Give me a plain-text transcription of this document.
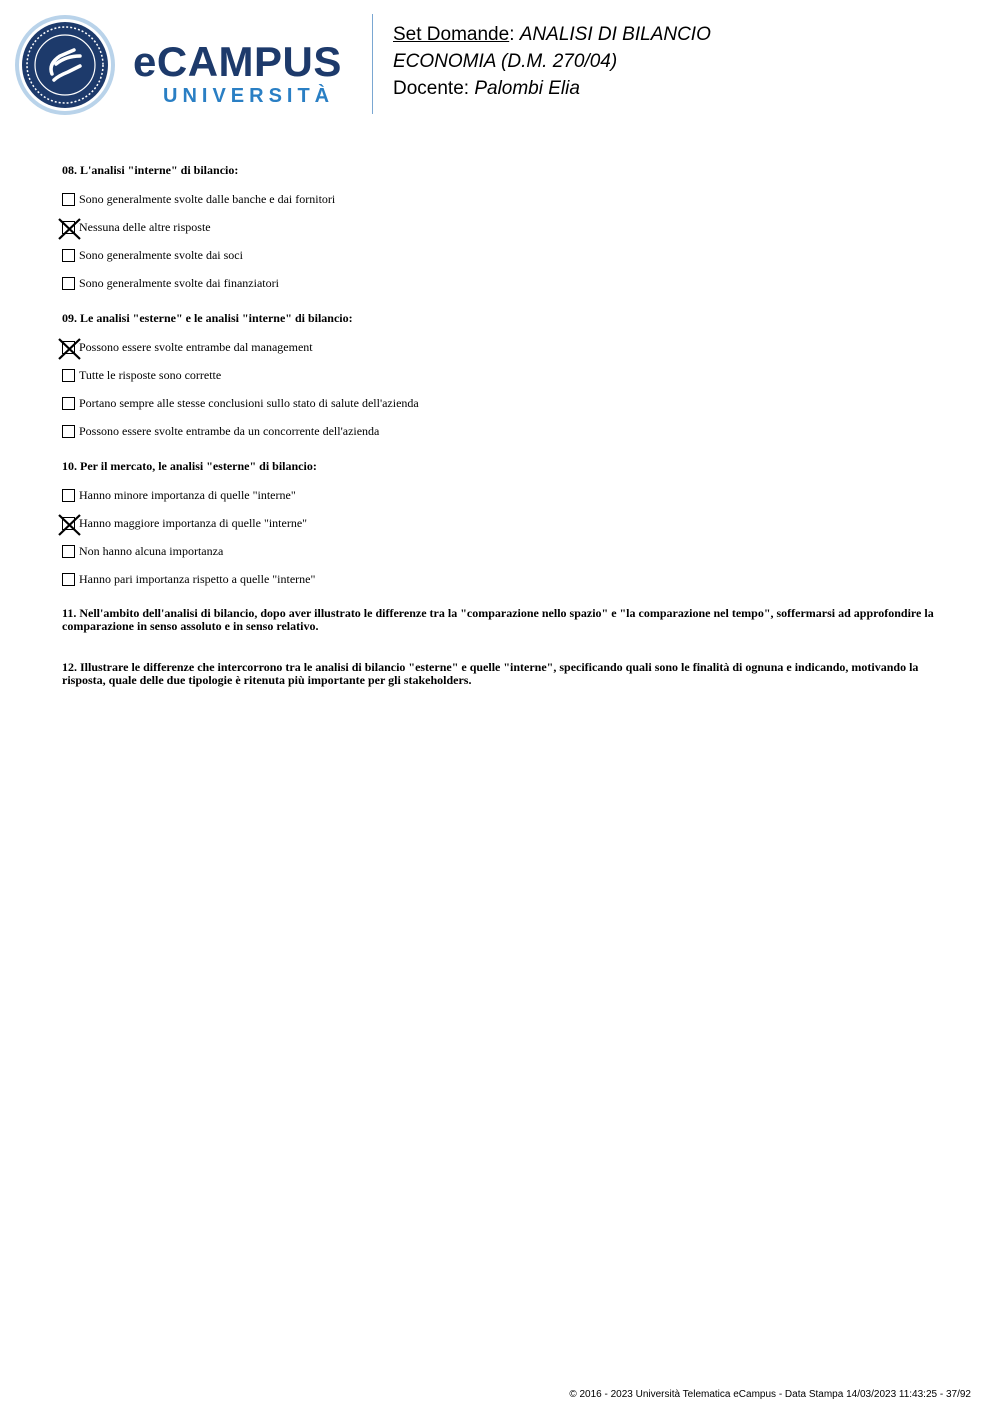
eCAMPUS
UNIVERSITÀ
Set Domande: ANALISI DI BILANCIO
ECONOMIA (D.M. 270/04)
Docente: Palombi Elia
08. L'analisi "interne" di bilancio:
Sono generalmente svolte dalle banche e dai fornitori
Nessuna delle altre risposte
Sono generalmente svolte dai soci
Sono generalmente svolte dai finanziatori
09. Le analisi "esterne" e le analisi "interne" di bilancio:
Possono essere svolte entrambe dal management
Tutte le risposte sono corrette
Portano sempre alle stesse conclusioni sullo stato di salute dell'azienda
Possono essere svolte entrambe da un concorrente dell'azienda
10. Per il mercato, le analisi "esterne" di bilancio:
Hanno minore importanza di quelle "interne"
Hanno maggiore importanza di quelle "interne"
Non hanno alcuna importanza
Hanno pari importanza rispetto a quelle "interne"
11. Nell'ambito dell'analisi di bilancio, dopo aver illustrato le differenze tra la "comparazione nello spazio" e "la comparazione nel tempo", soffermarsi ad approfondire la comparazione in senso assoluto e in senso relativo.
12. Illustrare le differenze che intercorrono tra le analisi di bilancio "esterne" e quelle "interne", specificando quali sono le finalità di ognuna e indicando, motivando la risposta, quale delle due tipologie è ritenuta più importante per gli stakeholders.
© 2016 - 2023 Università Telematica eCampus - Data Stampa 14/03/2023 11:43:25 - 37/92
